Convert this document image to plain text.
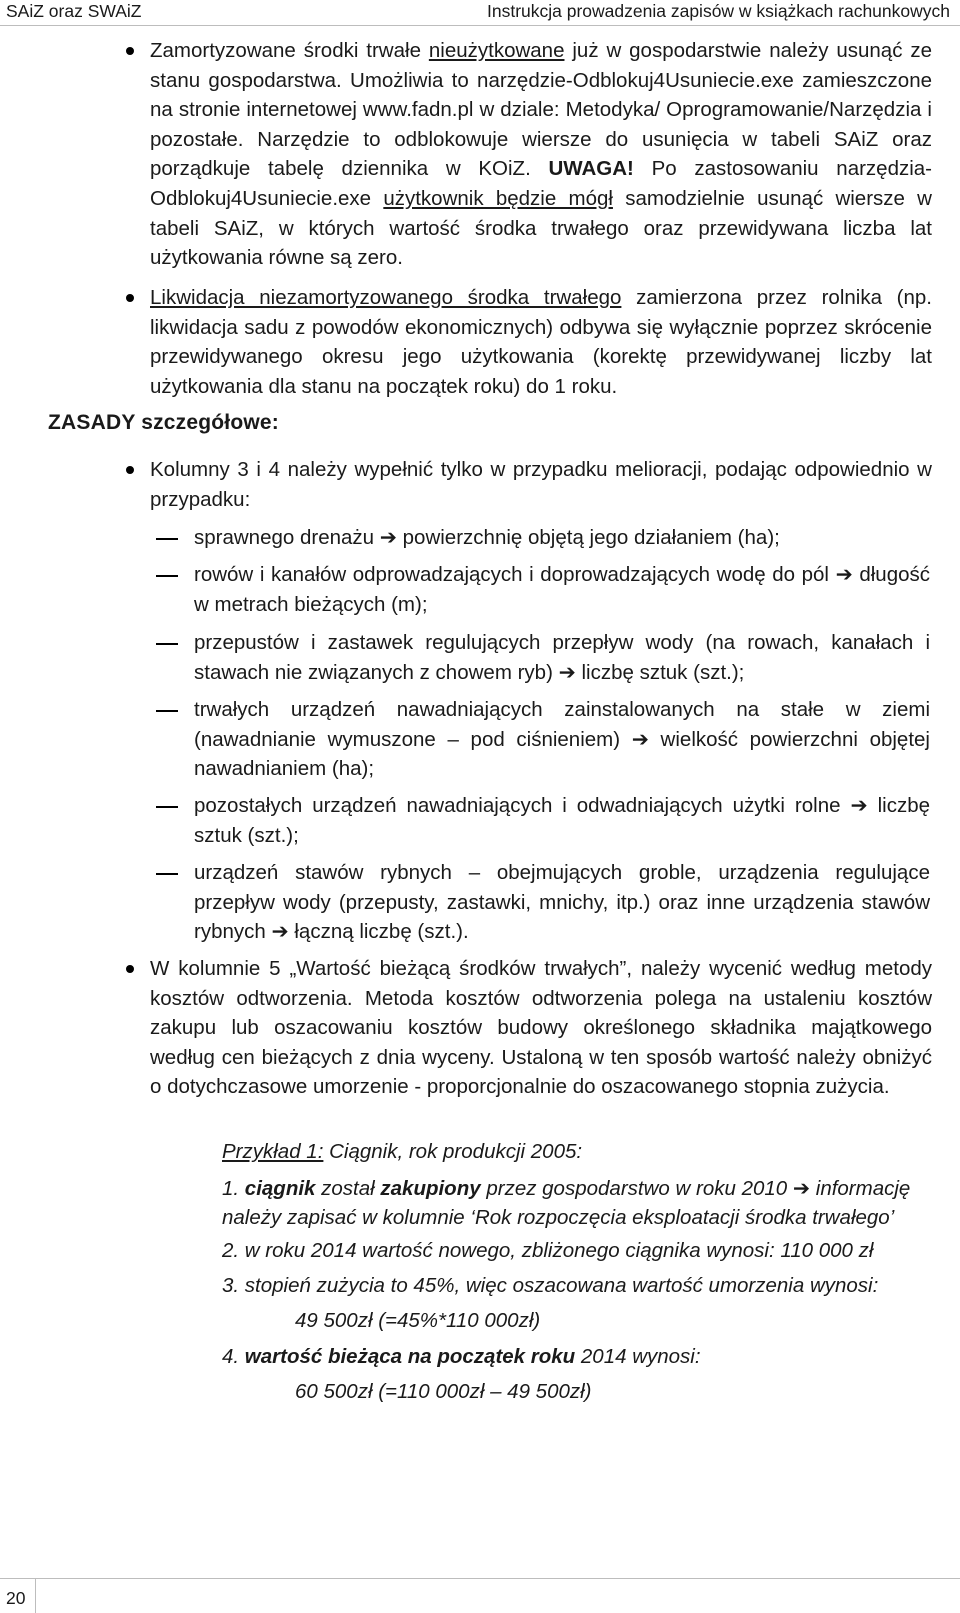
SAiZ oraz SWAiZ	Instrukcja prowadzenia zapisów w książkach rachunkowych
Zamortyzowane środki trwałe nieużytkowane już w gospodarstwie należy usunąć ze stanu gospodarstwa. Umożliwia to narzędzie-Odblokuj4Usuniecie.exe zamieszczone na stronie internetowej www.fadn.pl w dziale: Metodyka/ Oprogramowanie/Narzędzia i pozostałe. Narzędzie to odblokowuje wiersze do usunięcia w tabeli SAiZ oraz porządkuje tabelę dziennika w KOiZ. UWAGA! Po zastosowaniu narzędzia-Odblokuj4Usuniecie.exe użytkownik będzie mógł samodzielnie usunąć wiersze w tabeli SAiZ, w których wartość środka trwałego oraz przewidywana liczba lat użytkowania równe są zero.
Likwidacja niezamortyzowanego środka trwałego zamierzona przez rolnika (np. likwidacja sadu z powodów ekonomicznych) odbywa się wyłącznie poprzez skrócenie przewidywanego okresu jego użytkowania (korektę przewidywanej liczby lat użytkowania dla stanu na początek roku) do 1 roku.
ZASADY szczegółowe:
Kolumny 3 i 4 należy wypełnić tylko w przypadku melioracji, podając odpowiednio w przypadku:
sprawnego drenażu ➔ powierzchnię objętą jego działaniem (ha);
rowów i kanałów odprowadzających i doprowadzających wodę do pól ➔ długość w metrach bieżących (m);
przepustów i zastawek regulujących przepływ wody (na rowach, kanałach i stawach nie związanych z chowem ryb) ➔ liczbę sztuk (szt.);
trwałych urządzeń nawadniających zainstalowanych na stałe w ziemi (nawadnianie wymuszone – pod ciśnieniem) ➔ wielkość powierzchni objętej nawadnianiem (ha);
pozostałych urządzeń nawadniających i odwadniających użytki rolne ➔ liczbę sztuk (szt.);
urządzeń stawów rybnych – obejmujących groble, urządzenia regulujące przepływ wody (przepusty, zastawki, mnichy, itp.) oraz inne urządzenia stawów rybnych ➔ łączną liczbę (szt.).
W kolumnie 5 „Wartość bieżącą środków trwałych”, należy wycenić według metody kosztów odtworzenia. Metoda kosztów odtworzenia polega na ustaleniu kosztów zakupu lub oszacowaniu kosztów budowy określonego składnika majątkowego według cen bieżących z dnia wyceny. Ustaloną w ten sposób wartość należy obniżyć o dotychczasowe umorzenie - proporcjonalnie do oszacowanego stopnia zużycia.
Przykład 1: Ciągnik, rok produkcji 2005:
1. ciągnik został zakupiony przez gospodarstwo w roku 2010 ➔ informację należy zapisać w kolumnie ‘Rok rozpoczęcia eksploatacji środka trwałego’
2. w roku 2014 wartość nowego, zbliżonego ciągnika wynosi: 110 000 zł
3. stopień zużycia to 45%, więc oszacowana wartość umorzenia wynosi:
49 500zł (=45%*110 000zł)
4. wartość bieżąca na początek roku 2014 wynosi:
60 500zł (=110 000zł – 49 500zł)
20
